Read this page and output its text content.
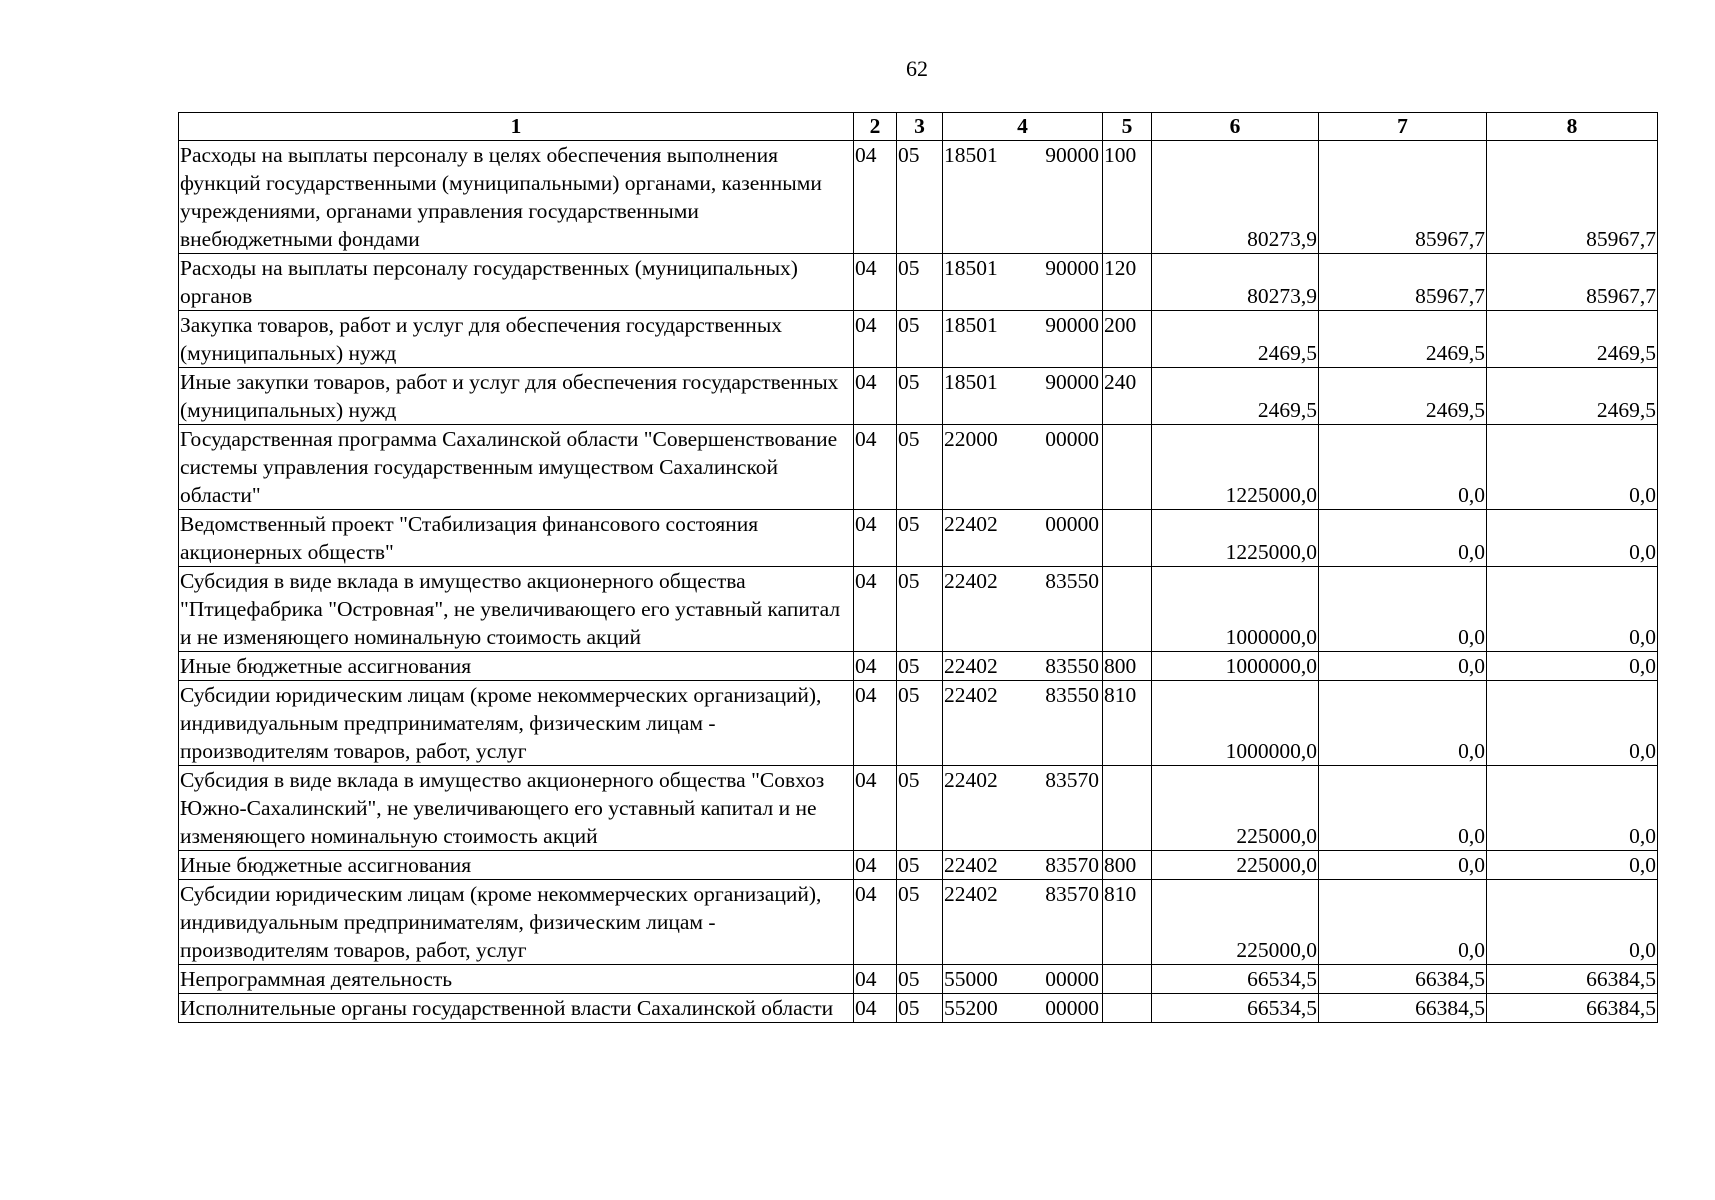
62
1	2	3	4	5	6	7	8
Расходы на выплаты персоналу в целях обеспечения выполнения функций государственными (муниципальными) органами, казенными учреждениями, органами управления государственными внебюджетными фондами	04	05	18501 90000	100	80273,9	85967,7	85967,7
Расходы на выплаты персоналу государственных (муниципальных) органов	04	05	18501 90000	120	80273,9	85967,7	85967,7
Закупка товаров, работ и услуг для обеспечения государственных (муниципальных) нужд	04	05	18501 90000	200	2469,5	2469,5	2469,5
Иные закупки товаров, работ и услуг для обеспечения государственных (муниципальных) нужд	04	05	18501 90000	240	2469,5	2469,5	2469,5
Государственная программа Сахалинской области "Совершенствование системы управления государственным имуществом Сахалинской области"	04	05	22000 00000		1225000,0	0,0	0,0
Ведомственный проект "Стабилизация финансового состояния акционерных обществ"	04	05	22402 00000		1225000,0	0,0	0,0
Субсидия в виде вклада в имущество акционерного общества "Птицефабрика "Островная", не увеличивающего его уставный капитал и не изменяющего номинальную стоимость акций	04	05	22402 83550		1000000,0	0,0	0,0
Иные бюджетные ассигнования	04	05	22402 83550	800	1000000,0	0,0	0,0
Субсидии юридическим лицам (кроме некоммерческих организаций), индивидуальным предпринимателям, физическим лицам - производителям товаров, работ, услуг	04	05	22402 83550	810	1000000,0	0,0	0,0
Субсидия в виде вклада в имущество акционерного общества "Совхоз Южно-Сахалинский", не увеличивающего его уставный капитал и не изменяющего номинальную стоимость акций	04	05	22402 83570		225000,0	0,0	0,0
Иные бюджетные ассигнования	04	05	22402 83570	800	225000,0	0,0	0,0
Субсидии юридическим лицам (кроме некоммерческих организаций), индивидуальным предпринимателям, физическим лицам - производителям товаров, работ, услуг	04	05	22402 83570	810	225000,0	0,0	0,0
Непрограммная деятельность	04	05	55000 00000		66534,5	66384,5	66384,5
Исполнительные органы государственной власти Сахалинской области	04	05	55200 00000		66534,5	66384,5	66384,5
